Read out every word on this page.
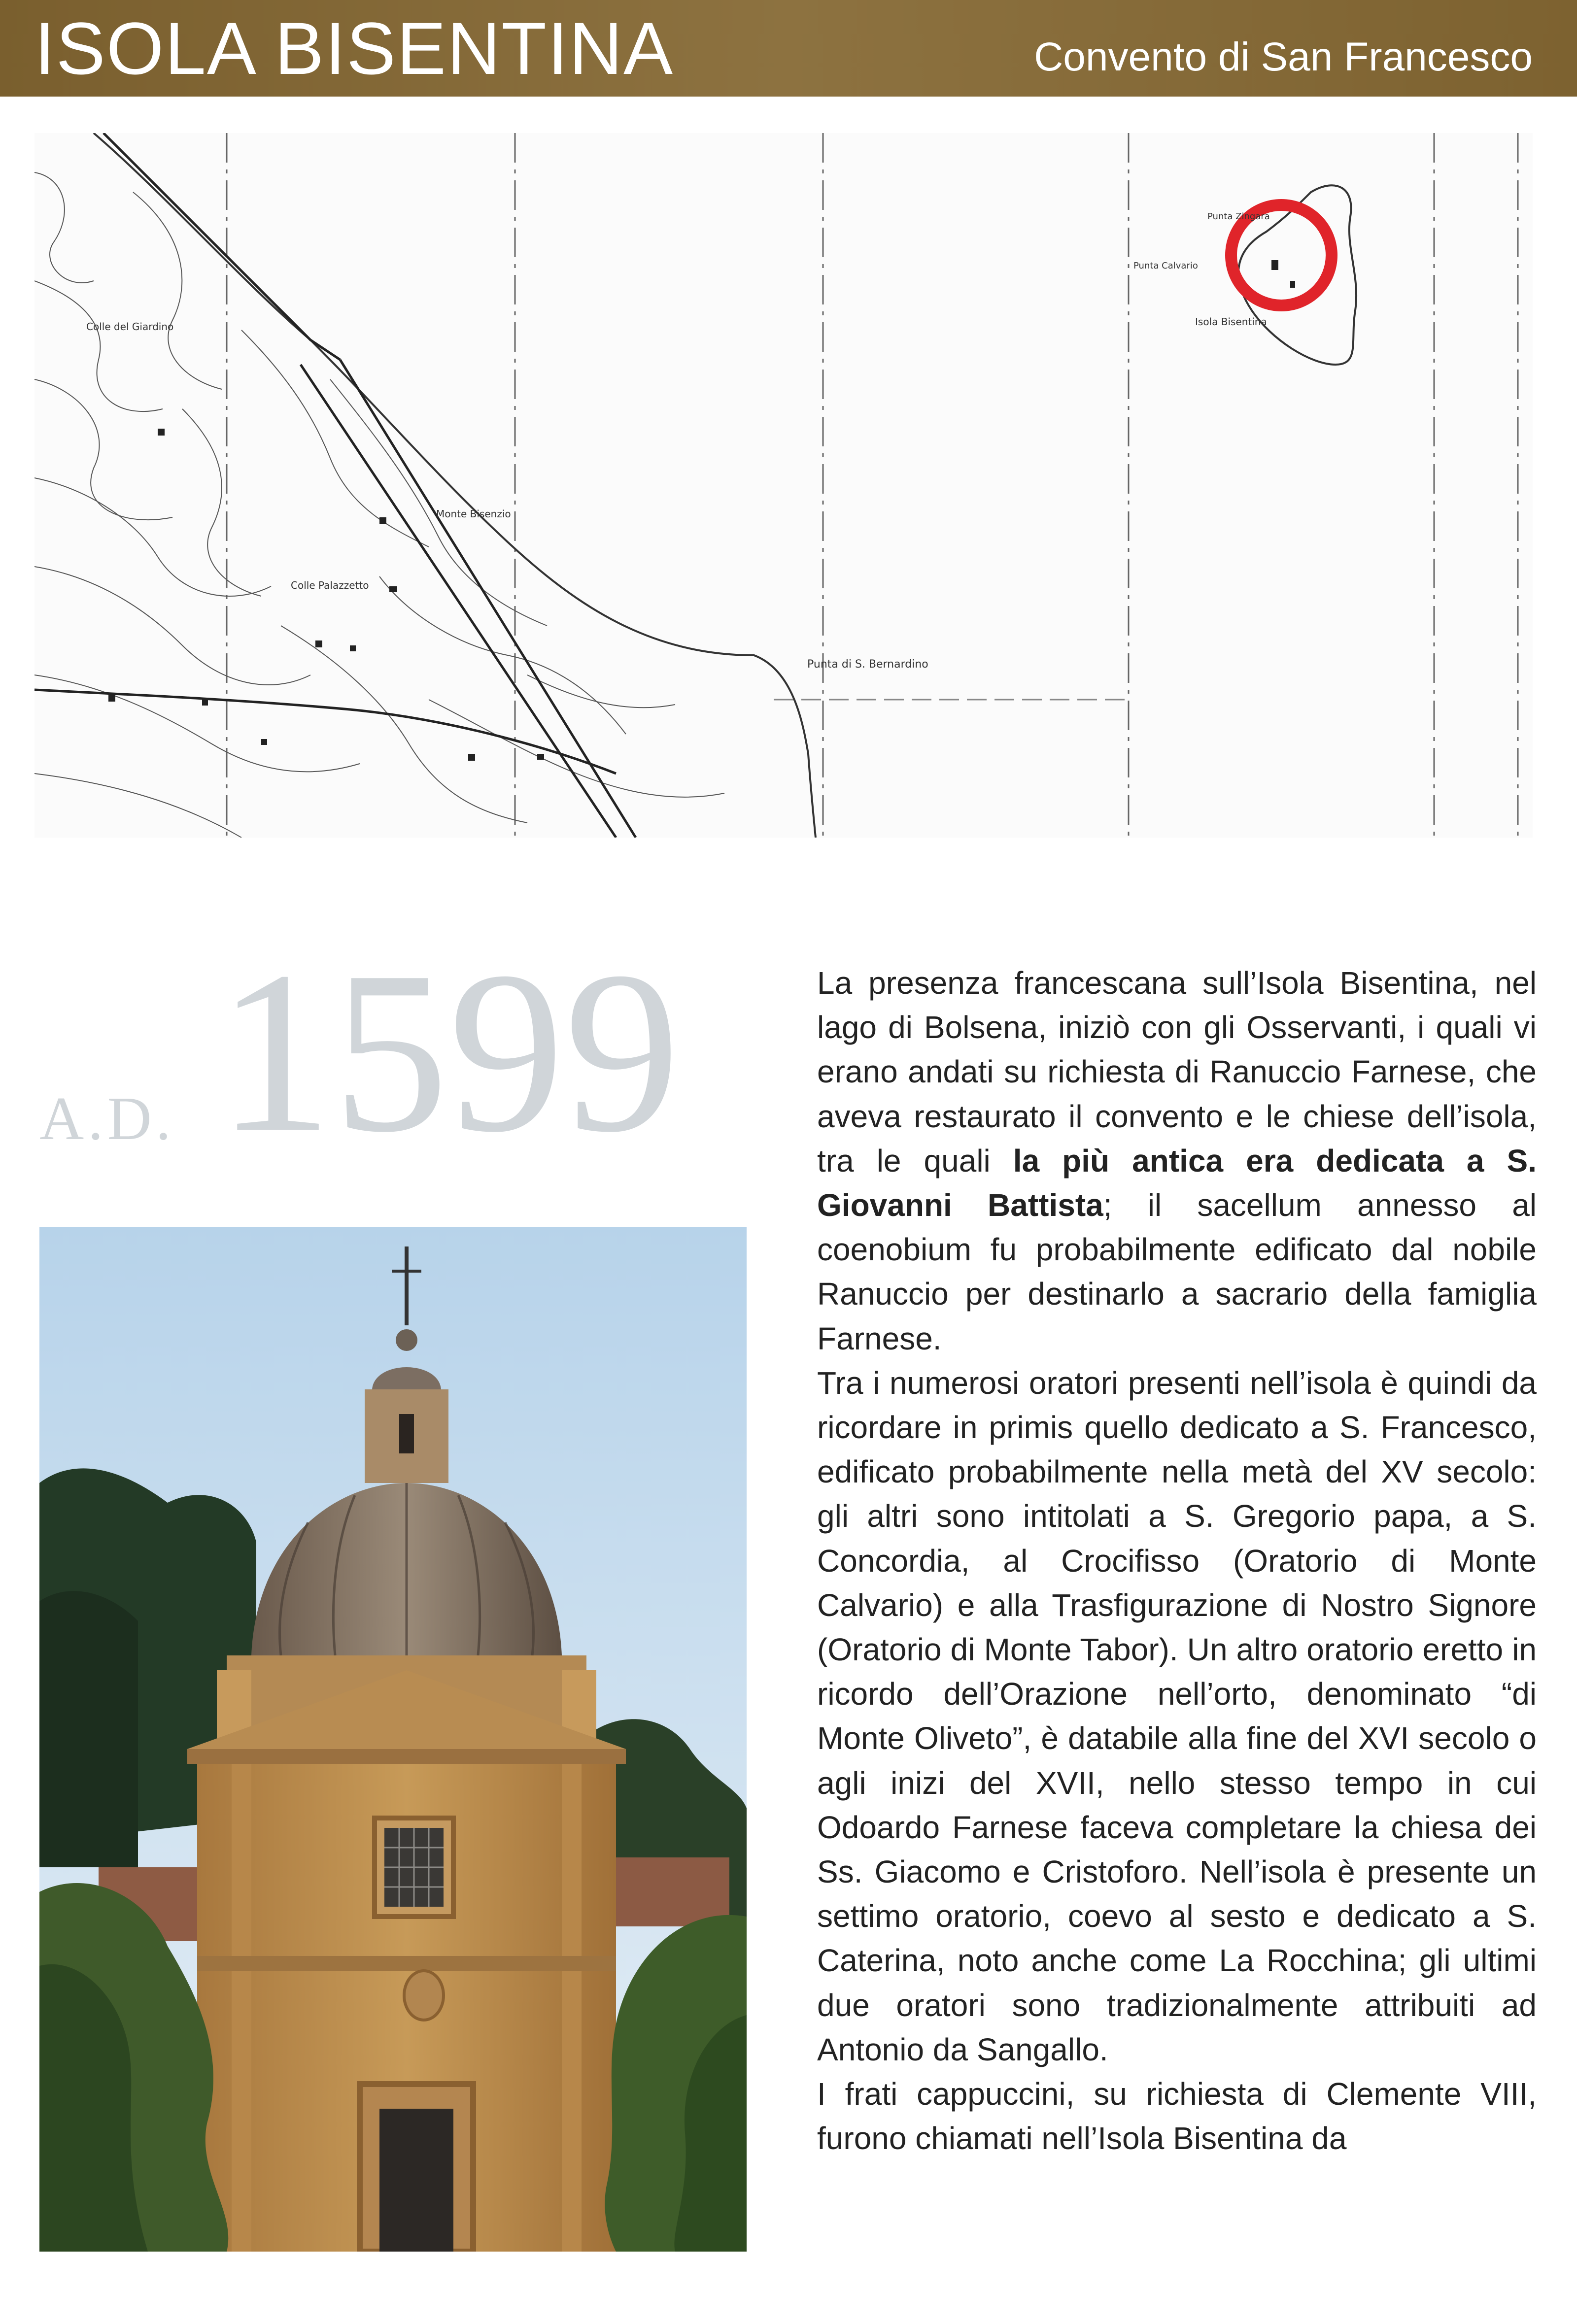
ISOLA BISENTINA	Convento di San Francesco
Colle del Giardino
Monte Bisenzio
Colle Palazzetto
Punta di S. Bernardino
Isola Bisentina
Punta Zingara
Punta Calvario
A.D. 1599	La presenza francescana sull’Isola Bisentina, nel lago di Bolsena, iniziò con gli Osservanti, i quali vi erano andati su richiesta di Ranuccio Farnese, che aveva restaurato il convento e le chiese dell’isola, tra le quali la più antica era dedicata a S. Giovanni Battista; il sacellum annesso al coenobium fu probabilmente edificato dal nobile Ranuccio per destinarlo a sacrario della famiglia Farnese.

Tra i numerosi oratori presenti nell’isola è quindi da ricordare in primis quello dedicato a S. Francesco, edificato probabilmente nella metà del XV secolo: gli altri sono intitolati a S. Gregorio papa, a S. Concordia, al Crocifisso (Oratorio di Monte Calvario) e alla Trasfigurazione di Nostro Signore (Oratorio di Monte Tabor). Un altro oratorio eretto in ricordo dell’Orazione nell’orto, denominato “di Monte Oliveto”, è databile alla fine del XVI secolo o agli inizi del XVII, nello stesso tempo in cui Odoardo Farnese faceva completare la chiesa dei Ss. Giacomo e Cristoforo. Nell’isola è presente un settimo oratorio, coevo al sesto e dedicato a S. Caterina, noto anche come La Rocchina; gli ultimi due oratori sono tradizionalmente attribuiti ad Antonio da Sangallo.

I frati cappuccini, su richiesta di Clemente VIII, furono chiamati nell’Isola Bisentina da
